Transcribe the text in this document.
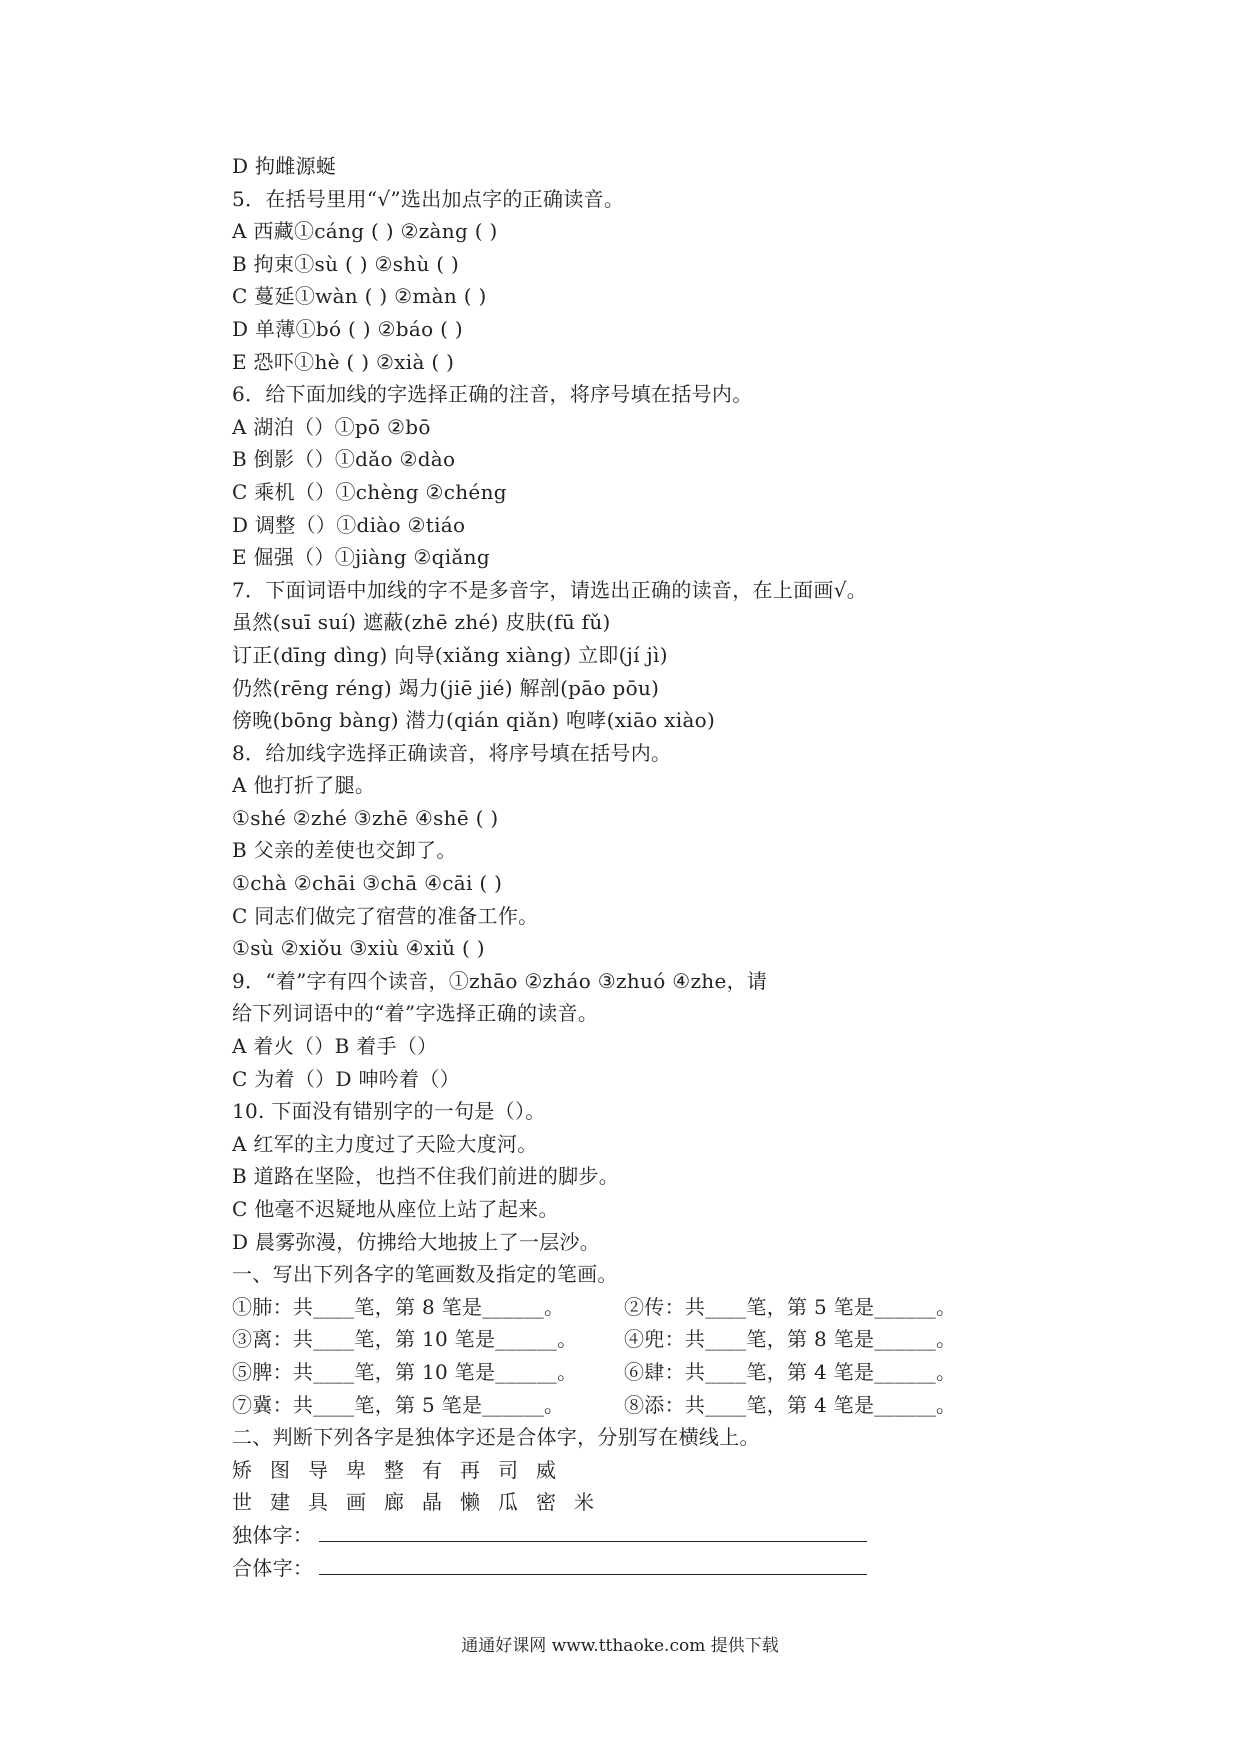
D 拘雌源蜒
5．在括号里用“√”选出加点字的正确读音。
A 西藏①cáng ( ) ②zàng ( )
B 拘束①sù ( ) ②shù ( )
C 蔓延①wàn ( ) ②màn ( )
D 单薄①bó ( ) ②báo ( )
E 恐吓①hè ( ) ②xià ( )
6．给下面加线的字选择正确的注音，将序号填在括号内。
A 湖泊（）①pō ②bō
B 倒影（）①dǎo ②dào
C 乘机（）①chèng ②chéng
D 调整（）①diào ②tiáo
E 倔强（）①jiàng ②qiǎng
7．下面词语中加线的字不是多音字，请选出正确的读音，在上面画√。
虽然(suī suí) 遮蔽(zhē zhé) 皮肤(fū fǔ)
订正(dīng dìng) 向导(xiǎng xiàng) 立即(jí jì)
仍然(rēng réng) 竭力(jiē jié) 解剖(pāo pōu)
傍晚(bōng bàng) 潜力(qián qiǎn) 咆哮(xiāo xiào)
8．给加线字选择正确读音，将序号填在括号内。
A 他打折了腿。
①shé ②zhé ③zhē ④shē ( )
B 父亲的差使也交卸了。
①chà ②chāi ③chā ④cāi ( )
C 同志们做完了宿营的准备工作。
①sù ②xiǒu ③xiù ④xiǔ ( )
9．“着”字有四个读音，①zhāo ②zháo ③zhuó ④zhe，请
给下列词语中的“着”字选择正确的读音。
A 着火（）B 着手（）
C 为着（）D 呻吟着（）
10. 下面没有错别字的一句是（）。
A 红军的主力度过了天险大度河。
B 道路在坚险，也挡不住我们前进的脚步。
C 他毫不迟疑地从座位上站了起来。
D 晨雾弥漫，仿拂给大地披上了一层沙。
一、写出下列各字的笔画数及指定的笔画。
①肺：共____笔，第 8 笔是______。	②传：共____笔，第 5 笔是______。
③离：共____笔，第 10 笔是______。	④兜：共____笔，第 8 笔是______。
⑤脾：共____笔，第 10 笔是______。	⑥肆：共____笔，第 4 笔是______。
⑦冀：共____笔，第 5 笔是______。	⑧添：共____笔，第 4 笔是______。
二、判断下列各字是独体字还是合体字，分别写在横线上。
矫图导卑整有再司威
世建具画廊晶懒瓜密米
独体字：
合体字：
通通好课网 www.tthaoke.com 提供下载
